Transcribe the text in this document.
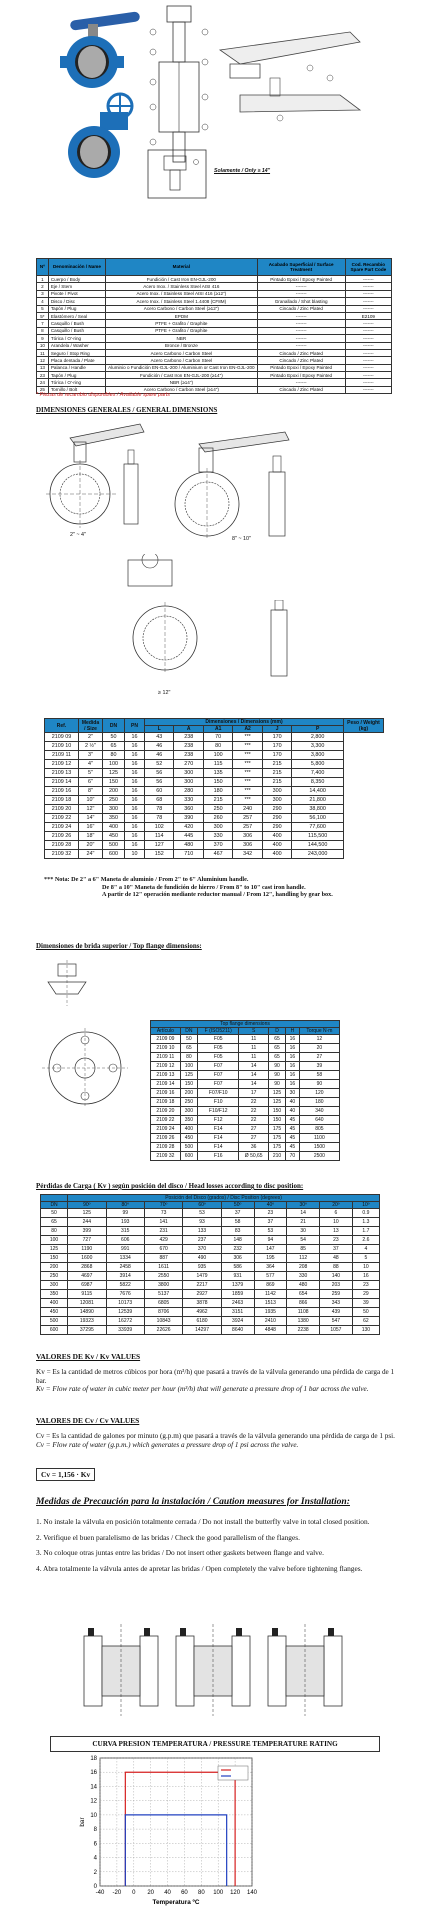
Solamente / Only ≥ 14"
Nº	Denominación / Name	Material	Acabado Superficial / Surface Treatment	Cod. Recambio Spare Part Code
1	Cuerpo / Body	Fundición / Cast Iron EN-GJL-200	Pintado Epoxi / Epoxy Painted	-------
2	Eje / Stem	Acero Inox. / Stainless Steel AISI 416	-------	-------
3	Pivote / Pivot	Acero Inox. / Stainless Steel AISI 416 (≥12")	-------	-------
4	Disco / Disc	Acero Inox. / Stainless Steel 1.4408 (CF8M)	Granallado / Shot blasting	-------
5	Tapón / Plug	Acero Carbono / Carbon Steel (≥12")	Cincado / Zinc Plated	-------
5*	Elastómero / Seal	EPDM	-------	E2109
7	Casquillo / Bush	PTFE + Grafito / Graphite	-------	-------
8	Casquillo / Bush	PTFE + Grafito / Graphite	-------	-------
9	Tórica / O'-ring	NBR	-------	-------
10	Arandela / Washer	Bronce / Bronze	-------	-------
11	Seguro / Stop Ring	Acero Carbono / Carbon Steel	Cincado / Zinc Plated	-------
12	Placa dentada / Plate	Acero Carbono / Carbon Steel	Cincado / Zinc Plated	-------
13	Palanca / Handle	Aluminio o Fundición EN-GJL-200 / Aluminium or Cast Iron EN-GJL-200	Pintado Epoxi / Epoxy Painted	-------
23	Tapón / Plug	Fundición / Cast Iron EN-GJL-200 (≥14")	Pintado Epoxi / Epoxy Painted	-------
24	Tórica / O'-ring	NBR (≥14")	-------	-------
25	Tornillo / Bolt	Acero Carbono / Carbon Steel (≥14")	Cincado / Zinc Plated	-------
* Piezas de recambio disponibles / Available spare parts
DIMENSIONES GENERALES / GENERAL DIMENSIONS
2" ~ 4"
8" ~ 10"
≥ 12"
Ref.	Medida / Size	DN	PN	Dimensiones / Dimensions (mm)						Peso / Weight (kg)
				L	A	A1	A2	J	P	
2109 09	2"	50	16	43	238	70	***	170	2,800	
2109 10	2 ½"	65	16	46	238	80	***	170	3,300	
2109 11	3"	80	16	46	238	100	***	170	3,800	
2109 12	4"	100	16	52	270	115	***	215	5,800	
2109 13	5"	125	16	56	300	135	***	215	7,400	
2109 14	6"	150	16	56	300	150	***	215	8,350	
2109 16	8"	200	16	60	280	180	***	300	14,400	
2109 18	10"	250	16	68	330	215	***	300	21,800	
2109 20	12"	300	16	78	360	250	240	290	38,800	
2109 22	14"	350	16	78	390	260	257	290	56,100	
2109 24	16"	400	16	102	420	300	257	290	77,600	
2109 26	18"	450	16	114	445	330	306	400	115,500	
2109 28	20"	500	16	127	480	370	306	400	144,500	
2109 32	24"	600	10	152	710	467	342	400	243,000	
*** Nota: De 2" a 6" Maneta de aluminio / From 2" to 6" Aluminium handle.
De 8" a 10" Maneta de fundición de hierro / From 8" to 10" cast iron handle.
A partir de 12" operación mediante reductor manual / From 12", handling by gear box.
Dimensiones de brida superior / Top flange dimensions:
Top flange dimensions						
Artículo	DN	F (ISO5211)	S	D	H	Torque N·m
2109 09	50	F05	11	65	16	12
2109 10	65	F05	11	65	16	20
2109 11	80	F05	11	65	16	27
2109 12	100	F07	14	90	16	39
2109 13	125	F07	14	90	16	58
2109 14	150	F07	14	90	16	90
2109 16	200	F07/F10	17	125	30	120
2109 18	250	F10	22	125	40	180
2109 20	300	F10/F12	22	150	40	340
2109 22	350	F12	22	150	45	640
2109 24	400	F14	27	175	45	805
2109 26	450	F14	27	175	45	1100
2109 28	500	F14	36	175	45	1500
2109 32	600	F16	Ø 50,65	210	70	2500
Pérdidas de Carga ( Kv ) según posición del disco / Head losses according to disc position:
	Posición del Disco (grados) / Disc Position (degrees)								
DN	90º	80º	70º	60º	50º	40º	30º	20º	10º
50	125	99	73	53	37	23	14	6	0.9
65	244	193	141	93	58	37	21	10	1.3
80	399	315	231	133	83	53	30	13	1.7
100	727	606	429	237	148	94	54	23	2.6
125	1190	991	670	370	232	147	85	37	4
150	1600	1334	887	490	306	195	112	48	5
200	2868	2458	1611	935	586	364	208	88	10
250	4697	3914	2550	1479	931	577	330	140	16
300	6987	5822	3800	2217	1379	869	480	203	23
350	9115	7676	5137	2927	1859	1142	654	259	29
400	12081	10173	6805	3878	2463	1513	866	343	39
450	14890	12539	8706	4962	3151	1935	1108	439	50
500	19323	16272	10843	6180	3924	2410	1380	547	62
600	37295	33939	22626	14297	8640	4848	2238	1057	130
VALORES DE Kv / Kv VALUES
Kv = Es la cantidad de metros cúbicos por hora (m³/h) que pasará a través de la válvula generando una pérdida de carga de 1 bar.
Kv = Flow rate of water in cubic meter per hour (m³/h) that will generate a pressure drop of 1 bar across the valve.
VALORES DE Cv / Cv VALUES
Cv = Es la cantidad de galones por minuto (g.p.m) que pasará a través de la válvula generando una pérdida de carga de 1 psi.
Cv = Flow rate of water (g.p.m.) which generates a pressure drop of 1 psi across the valve.
Cv = 1,156 · Kv
Medidas de Precaución para la instalación / Caution measures for Installation:
1. No instale la válvula en posición totalmente cerrada / Do not install the butterfly valve in total closed position.
2. Verifique el buen paralelismo de las bridas / Check the good parallelism of the flanges.
3. No coloque otras juntas entre las bridas / Do not insert other gaskets between flange and valve.
4. Abra totalmente la válvula antes de apretar las bridas / Open completely the valve before tightening flanges.
CURVA PRESION TEMPERATURA / PRESSURE TEMPERATURE RATING
-40 -20 0 20 40 60 80 100 120 140
0
2
4
6
8
10
12
14
16
18
Temperatura ºC
bar
